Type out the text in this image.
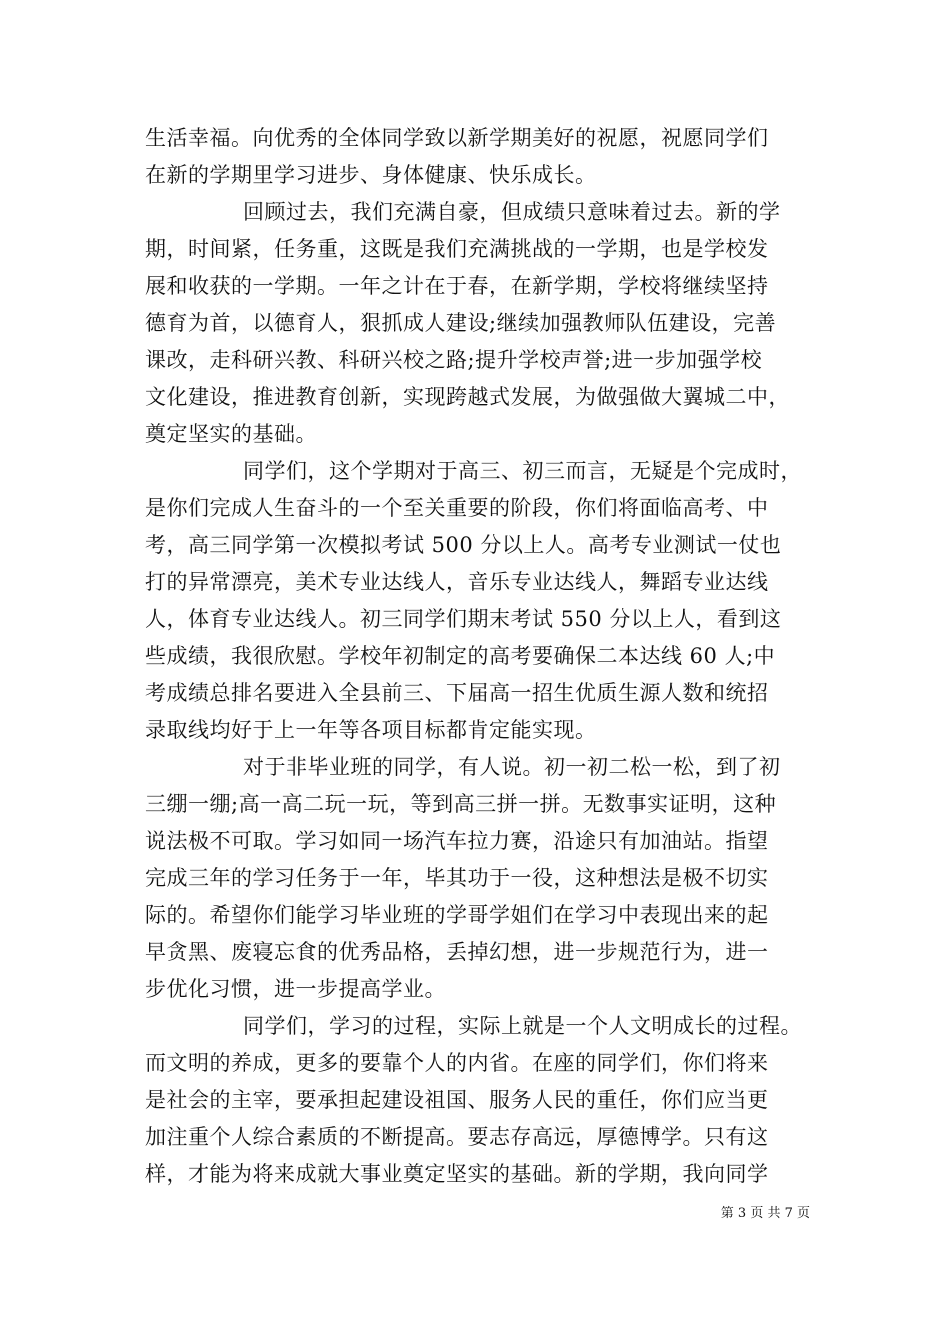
生活幸福。向优秀的全体同学致以新学期美好的祝愿，祝愿同学们
在新的学期里学习进步、身体健康、快乐成长。
回顾过去，我们充满自豪，但成绩只意味着过去。新的学
期，时间紧，任务重，这既是我们充满挑战的一学期，也是学校发
展和收获的一学期。一年之计在于春，在新学期，学校将继续坚持
德育为首，以德育人，狠抓成人建设;继续加强教师队伍建设，完善
课改，走科研兴教、科研兴校之路;提升学校声誉;进一步加强学校
文化建设，推进教育创新，实现跨越式发展，为做强做大翼城二中，
奠定坚实的基础。
同学们，这个学期对于高三、初三而言，无疑是个完成时，
是你们完成人生奋斗的一个至关重要的阶段，你们将面临高考、中
考，高三同学第一次模拟考试 500 分以上人。高考专业测试一仗也
打的异常漂亮，美术专业达线人，音乐专业达线人，舞蹈专业达线
人，体育专业达线人。初三同学们期末考试 550 分以上人，看到这
些成绩，我很欣慰。学校年初制定的高考要确保二本达线 60 人;中
考成绩总排名要进入全县前三、下届高一招生优质生源人数和统招
录取线均好于上一年等各项目标都肯定能实现。
对于非毕业班的同学，有人说。初一初二松一松，到了初
三绷一绷;高一高二玩一玩，等到高三拼一拼。无数事实证明，这种
说法极不可取。学习如同一场汽车拉力赛，沿途只有加油站。指望
完成三年的学习任务于一年，毕其功于一役，这种想法是极不切实
际的。希望你们能学习毕业班的学哥学姐们在学习中表现出来的起
早贪黑、废寝忘食的优秀品格，丢掉幻想，进一步规范行为，进一
步优化习惯，进一步提高学业。
同学们，学习的过程，实际上就是一个人文明成长的过程。
而文明的养成，更多的要靠个人的内省。在座的同学们，你们将来
是社会的主宰，要承担起建设祖国、服务人民的重任，你们应当更
加注重个人综合素质的不断提高。要志存高远，厚德博学。只有这
样，才能为将来成就大事业奠定坚实的基础。新的学期，我向同学
第 3 页 共 7 页
